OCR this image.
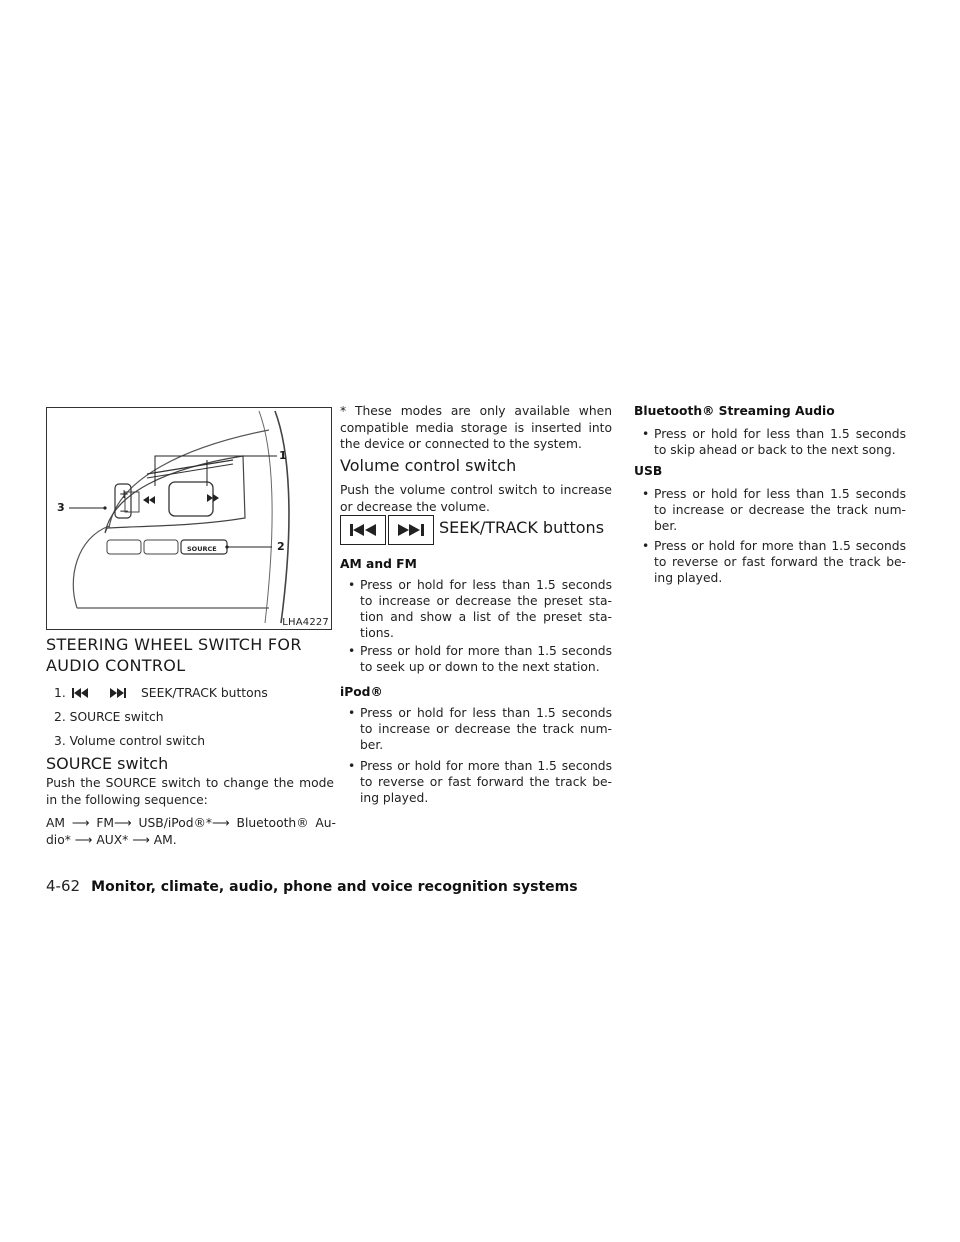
+
−
SOURCE
1
2
3
LHA4227
STEERING WHEEL SWITCH FOR
AUDIO CONTROL
1.	SEEK/TRACK buttons
2. SOURCE switch
3. Volume control switch
SOURCE switch

Push the SOURCE switch to change the mode in the following sequence:

AM ⟶ FM⟶ USB/iPod®*⟶ Bluetooth® Au-
dio* ⟶ AUX* ⟶ AM.

* These modes are only available when compatible media storage is inserted into the device or connected to the system.

Volume control switch

Push the volume control switch to increase or decrease the volume.

SEEK/TRACK buttons
AM and FM
• Press or hold for less than 1.5 seconds to increase or decrease the preset sta-tion and show a list of the preset sta-tions.
• Press or hold for more than 1.5 seconds to seek up or down to the next station.
iPod®
• Press or hold for less than 1.5 seconds to increase or decrease the track num-ber.
• Press or hold for more than 1.5 seconds to reverse or fast forward the track be-ing played.
Bluetooth® Streaming Audio
• Press or hold for less than 1.5 seconds to skip ahead or back to the next song.
USB
• Press or hold for less than 1.5 seconds to increase or decrease the track num-ber.
• Press or hold for more than 1.5 seconds to reverse or fast forward the track be-ing played.
4-62 Monitor, climate, audio, phone and voice recognition systems
